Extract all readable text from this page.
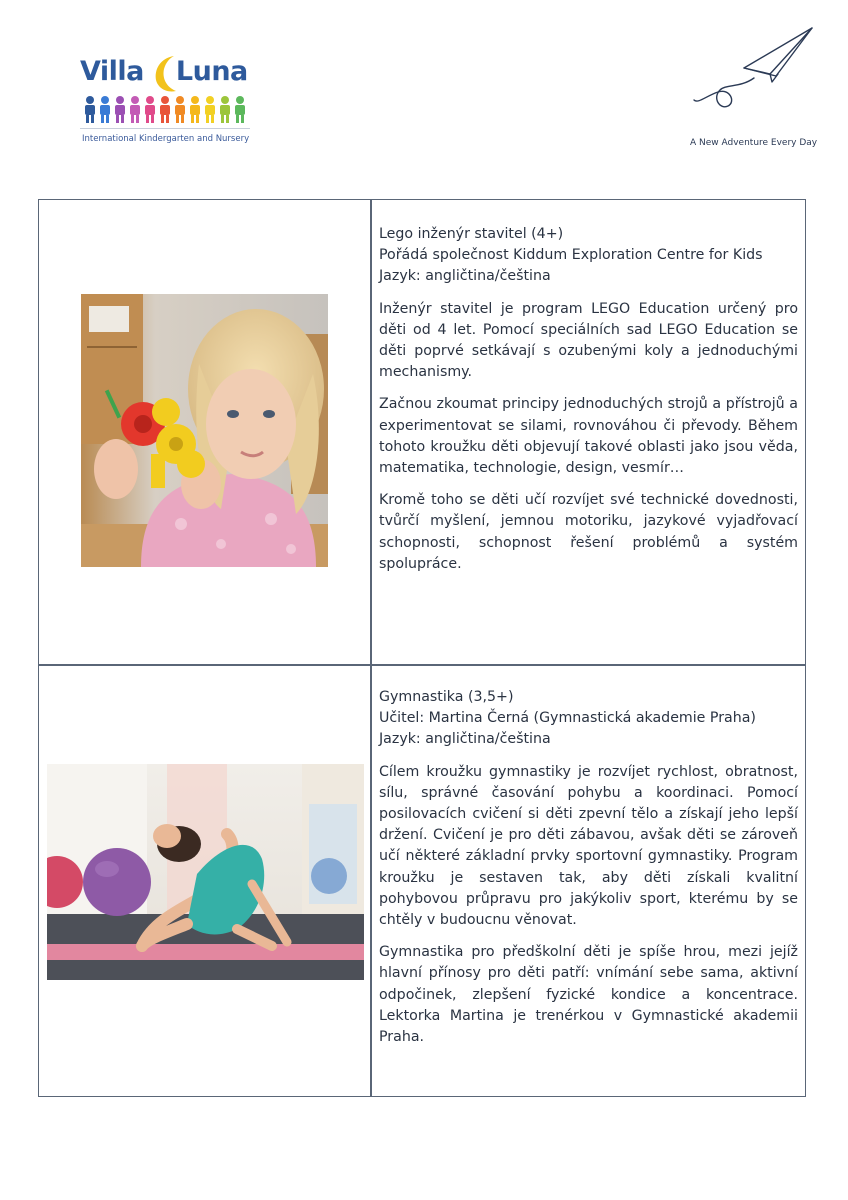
Villa Luna
International Kindergarten and Nursery	A New Adventure Every Day

Lego inženýr stavitel (4+)
Pořádá společnost Kiddum Exploration Centre for Kids
Jazyk: angličtina/čeština

Inženýr stavitel je program LEGO Education určený pro děti od 4 let. Pomocí speciálních sad LEGO Education se děti poprvé setkávají s ozubenými koly a jednoduchými mechanismy.

Začnou zkoumat principy jednoduchých strojů a přístrojů a experimentovat se silami, rovnováhou či převody. Během tohoto kroužku děti objevují takové oblasti jako jsou věda, matematika, technologie, design, vesmír…

Kromě toho se děti učí rozvíjet své technické dovednosti, tvůrčí myšlení, jemnou motoriku, jazykové vyjadřovací schopnosti, schopnost řešení problémů a systém spolupráce.

Gymnastika (3,5+)
Učitel: Martina Černá (Gymnastická akademie Praha)
Jazyk: angličtina/čeština

Cílem kroužku gymnastiky je rozvíjet rychlost, obratnost, sílu, správné časování pohybu a koordinaci. Pomocí posilovacích cvičení si děti zpevní tělo a získají jeho lepší držení. Cvičení je pro děti zábavou, avšak děti se zároveň učí některé základní prvky sportovní gymnastiky. Program kroužku je sestaven tak, aby děti získali kvalitní pohybovou průpravu pro jakýkoliv sport, kterému by se chtěly v budoucnu věnovat.

Gymnastika pro předškolní děti je spíše hrou, mezi jejíž hlavní přínosy pro děti patří: vnímání sebe sama, aktivní odpočinek, zlepšení fyzické kondice a koncentrace. Lektorka Martina je trenérkou v Gymnastické akademii Praha.
